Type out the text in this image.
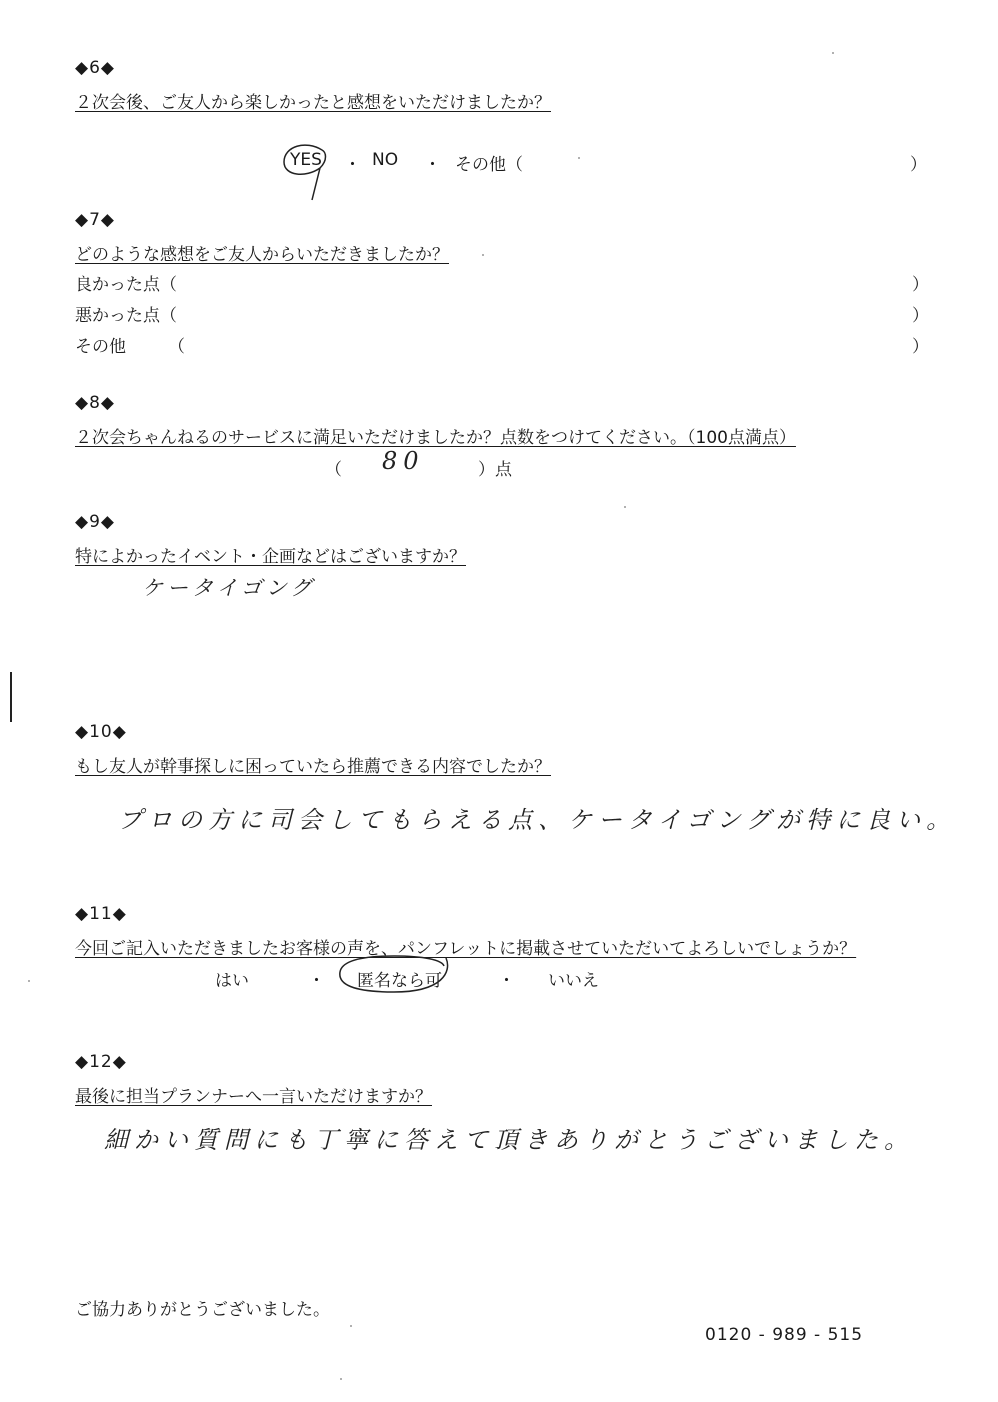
◆6◆
２次会後、ご友人から楽しかったと感想をいただけましたか？
YES ・ NO ・ その他（	）
◆7◆
どのような感想をご友人からいただきましたか？
良かった点（	）
悪かった点（	）
その他 （	）
◆8◆
２次会ちゃんねるのサービスに満足いただけましたか？点数をつけてください。（100点満点）
（ 80	）点
◆9◆
特によかったイベント・企画などはございますか？
ケータイゴング
◆10◆
もし友人が幹事探しに困っていたら推薦できる内容でしたか？
プロの方に司会してもらえる点、ケータイゴングが特に良い。
◆11◆
今回ご記入いただきましたお客様の声を、パンフレットに掲載させていただいてよろしいでしょうか？
はい	・ 匿名なら可	・ いいえ
◆12◆
最後に担当プランナーへ一言いただけますか？
細かい質問にも丁寧に答えて頂きありがとうございました。
ご協力ありがとうございました。
0120 - 989 - 515
